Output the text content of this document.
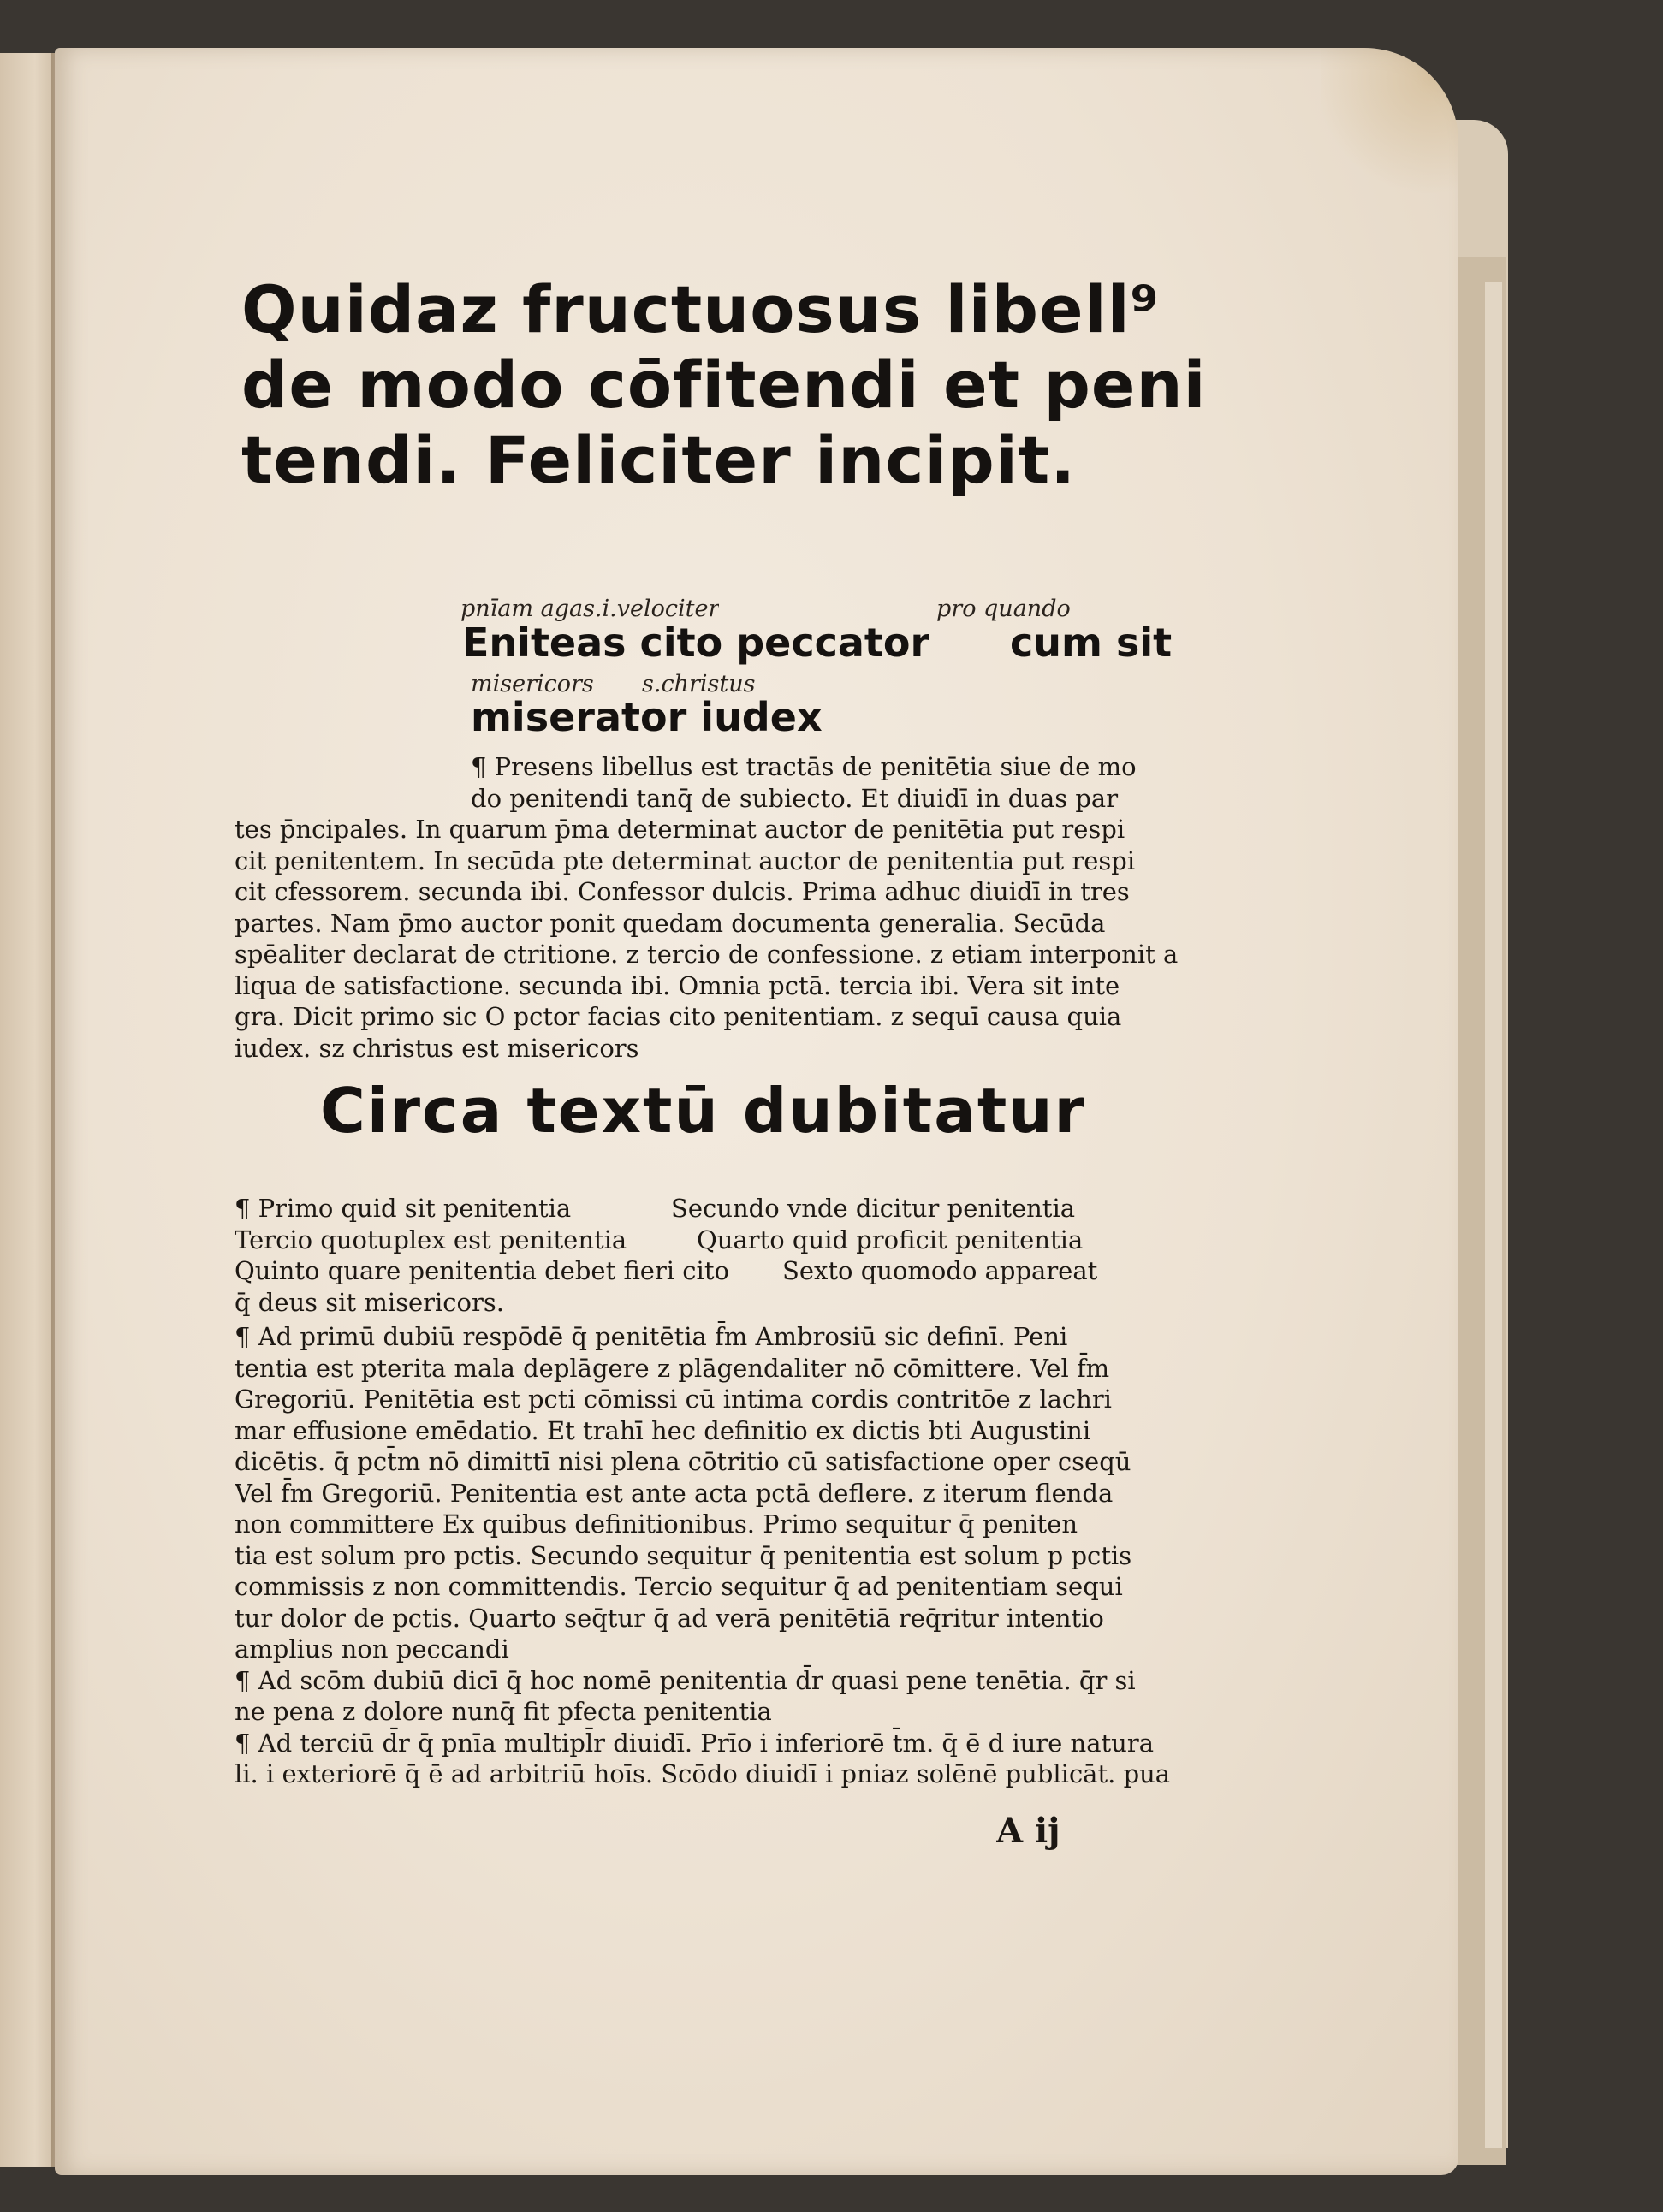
Quidaz fructuosus libell⁹
de modo cōfitendi et peni
tendi. Feliciter incipit.
pnīam agas.i.velociter	pro quando
Eniteas cito peccator cum sit
misericors s.christus
miserator iudex
¶ Presens libellus est tractās de penitētia siue de mo
do penitendi tanq̄ de subiecto. Et diuidī in duas par
tes p̄ncipales. In quarum p̄ma determinat auctor de penitētia put respi
cit penitentem. In secūda pte determinat auctor de penitentia put respi
cit cfessorem. secunda ibi. Confessor dulcis. Prima adhuc diuidī in tres
partes. Nam p̄mo auctor ponit quedam documenta generalia. Secūda
spēaliter declarat de ctritione. z tercio de confessione. z etiam interponit a
liqua de satisfactione. secunda ibi. Omnia pctā. tercia ibi. Vera sit inte
gra. Dicit primo sic O pctor facias cito penitentiam. z sequī causa quia
iudex. sz christus est misericors
Circa textū dubitatur
¶ Primo quid sit penitentia	Secundo vnde dicitur penitentia
Tercio quotuplex est penitentia	Quarto quid proficit penitentia
Quinto quare penitentia debet fieri cito Sexto quomodo appareat
q̄ deus sit misericors.
¶ Ad primū dubiū respōdē q̄ penitētia f̄m Ambrosiū sic definī. Peni
tentia est pterita mala deplāgere z plāgendaliter nō cōmittere. Vel f̄m
Gregoriū. Penitētia est pcti cōmissi cū intima cordis contritōe z lachri
mar effusione emēdatio. Et trahī hec definitio ex dictis bti Augustini
dicētis. q̄ pct̄m nō dimittī nisi plena cōtritio cū satisfactione oper cseqū
Vel f̄m Gregoriū. Penitentia est ante acta pctā deflere. z iterum flenda
non committere Ex quibus definitionibus. Primo sequitur q̄ peniten
tia est solum pro pctis. Secundo sequitur q̄ penitentia est solum p pctis
commissis z non committendis. Tercio sequitur q̄ ad penitentiam sequi
tur dolor de pctis. Quarto seq̄tur q̄ ad verā penitētiā req̄ritur intentio
amplius non peccandi
¶ Ad scōm dubiū dicī q̄ hoc nomē penitentia d̄r quasi pene tenētia. q̄r si
ne pena z dolore nunq̄ fit pfecta penitentia
¶ Ad terciū d̄r q̄ pnīa multipl̄r diuidī. Prīo i inferiorē t̄m. q̄ ē d iure natura
li. i exteriorē q̄ ē ad arbitriū hoīs. Scōdo diuidī i pniaz solēnē publicāt. pua
A ij
